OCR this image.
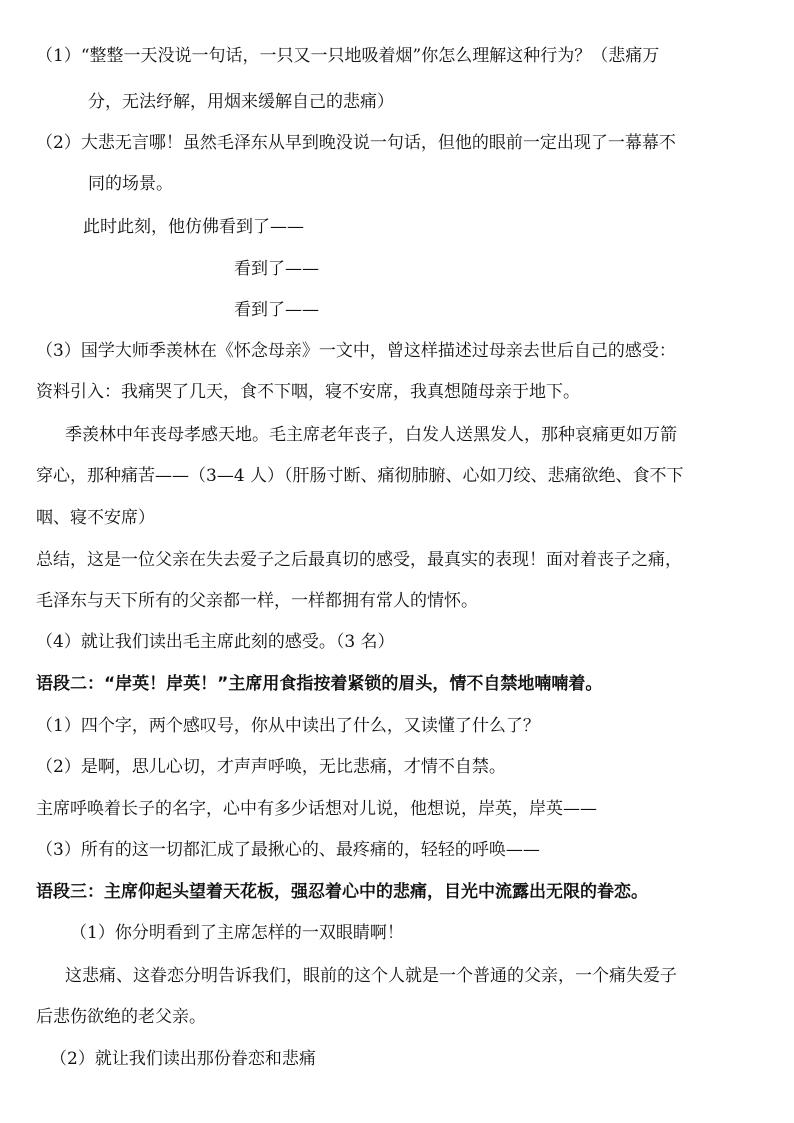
（1）“整整一天没说一句话，一只又一只地吸着烟”你怎么理解这种行为？（悲痛万
分，无法纾解，用烟来缓解自己的悲痛）
（2）大悲无言哪！虽然毛泽东从早到晚没说一句话，但他的眼前一定出现了一幕幕不
同的场景。
此时此刻，他仿佛看到了——
看到了——
看到了——
（3）国学大师季羡林在《怀念母亲》一文中，曾这样描述过母亲去世后自己的感受：
资料引入：我痛哭了几天，食不下咽，寝不安席，我真想随母亲于地下。
季羡林中年丧母孝感天地。毛主席老年丧子，白发人送黑发人，那种哀痛更如万箭
穿心，那种痛苦——（3—4 人）（肝肠寸断、痛彻肺腑、心如刀绞、悲痛欲绝、食不下
咽、寝不安席）
总结，这是一位父亲在失去爱子之后最真切的感受，最真实的表现！面对着丧子之痛，
毛泽东与天下所有的父亲都一样，一样都拥有常人的情怀。
（4）就让我们读出毛主席此刻的感受。（3 名）
语段二：“岸英！岸英！”主席用食指按着紧锁的眉头，情不自禁地喃喃着。
（1）四个字，两个感叹号，你从中读出了什么，又读懂了什么了？
（2）是啊，思儿心切，才声声呼唤，无比悲痛，才情不自禁。
主席呼唤着长子的名字，心中有多少话想对儿说，他想说，岸英，岸英——
（3）所有的这一切都汇成了最揪心的、最疼痛的，轻轻的呼唤——
语段三：主席仰起头望着天花板，强忍着心中的悲痛，目光中流露出无限的眷恋。
（1）你分明看到了主席怎样的一双眼睛啊！
这悲痛、这眷恋分明告诉我们，眼前的这个人就是一个普通的父亲，一个痛失爱子
后悲伤欲绝的老父亲。
（2）就让我们读出那份眷恋和悲痛
